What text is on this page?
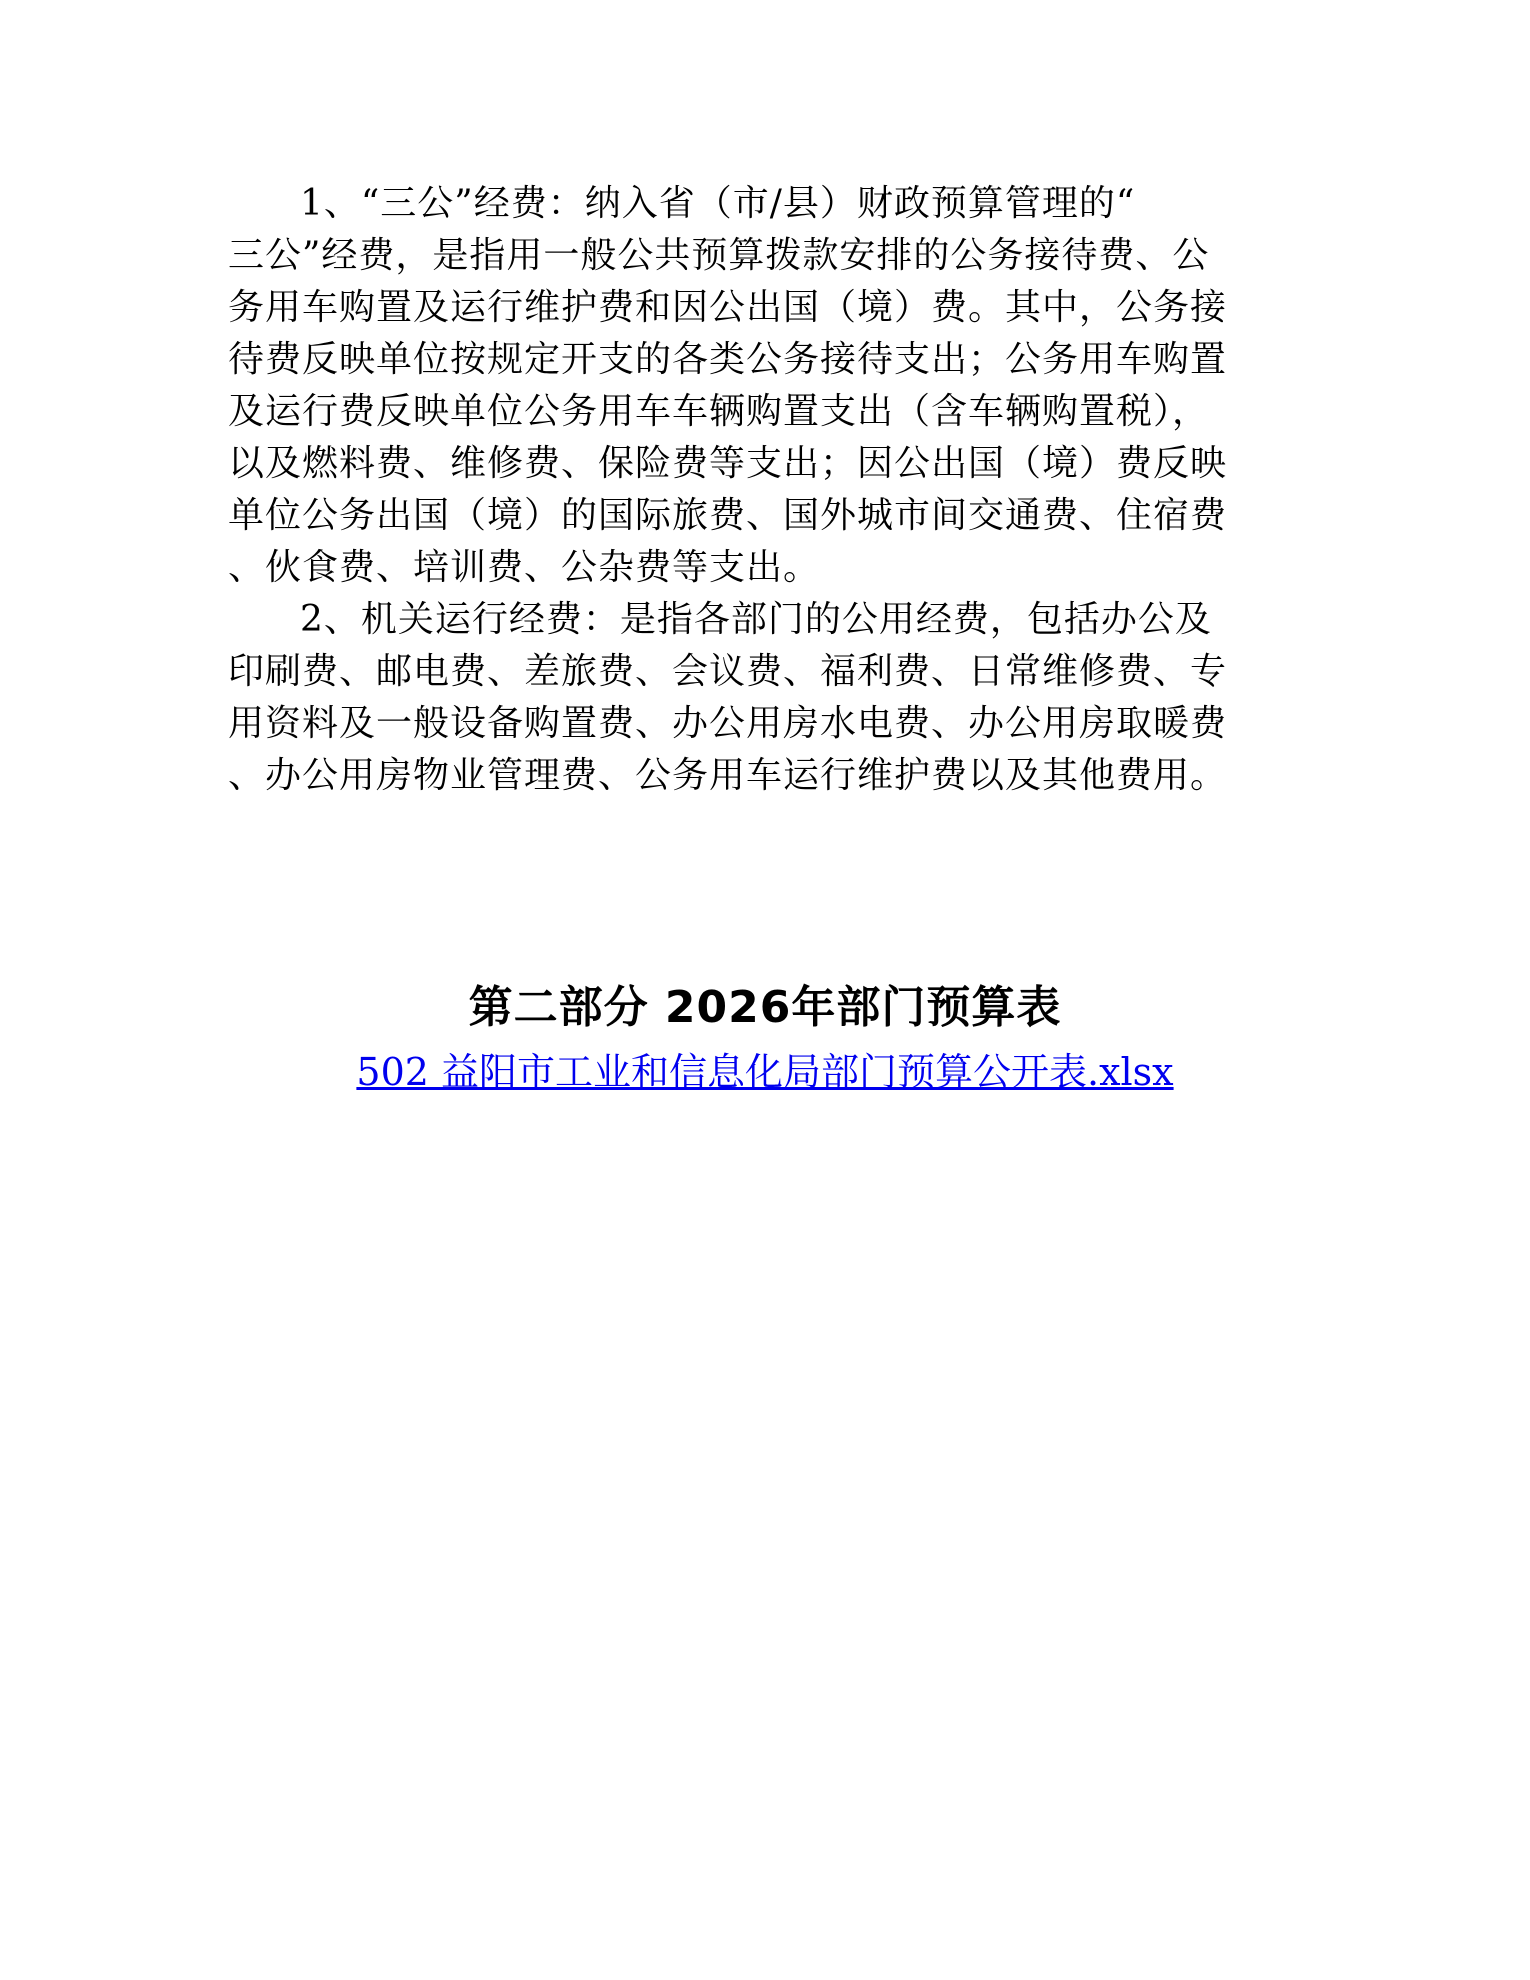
1、“三公”经费：纳入省（市/县）财政预算管理的“
三公”经费，是指用一般公共预算拨款安排的公务接待费、公
务用车购置及运行维护费和因公出国（境）费。其中，公务接
待费反映单位按规定开支的各类公务接待支出；公务用车购置
及运行费反映单位公务用车车辆购置支出（含车辆购置税），
以及燃料费、维修费、保险费等支出；因公出国（境）费反映
单位公务出国（境）的国际旅费、国外城市间交通费、住宿费
、伙食费、培训费、公杂费等支出。
2、机关运行经费：是指各部门的公用经费，包括办公及
印刷费、邮电费、差旅费、会议费、福利费、日常维修费、专
用资料及一般设备购置费、办公用房水电费、办公用房取暖费
、办公用房物业管理费、公务用车运行维护费以及其他费用。
第二部分 2026年部门预算表
502 益阳市工业和信息化局部门预算公开表.xlsx
